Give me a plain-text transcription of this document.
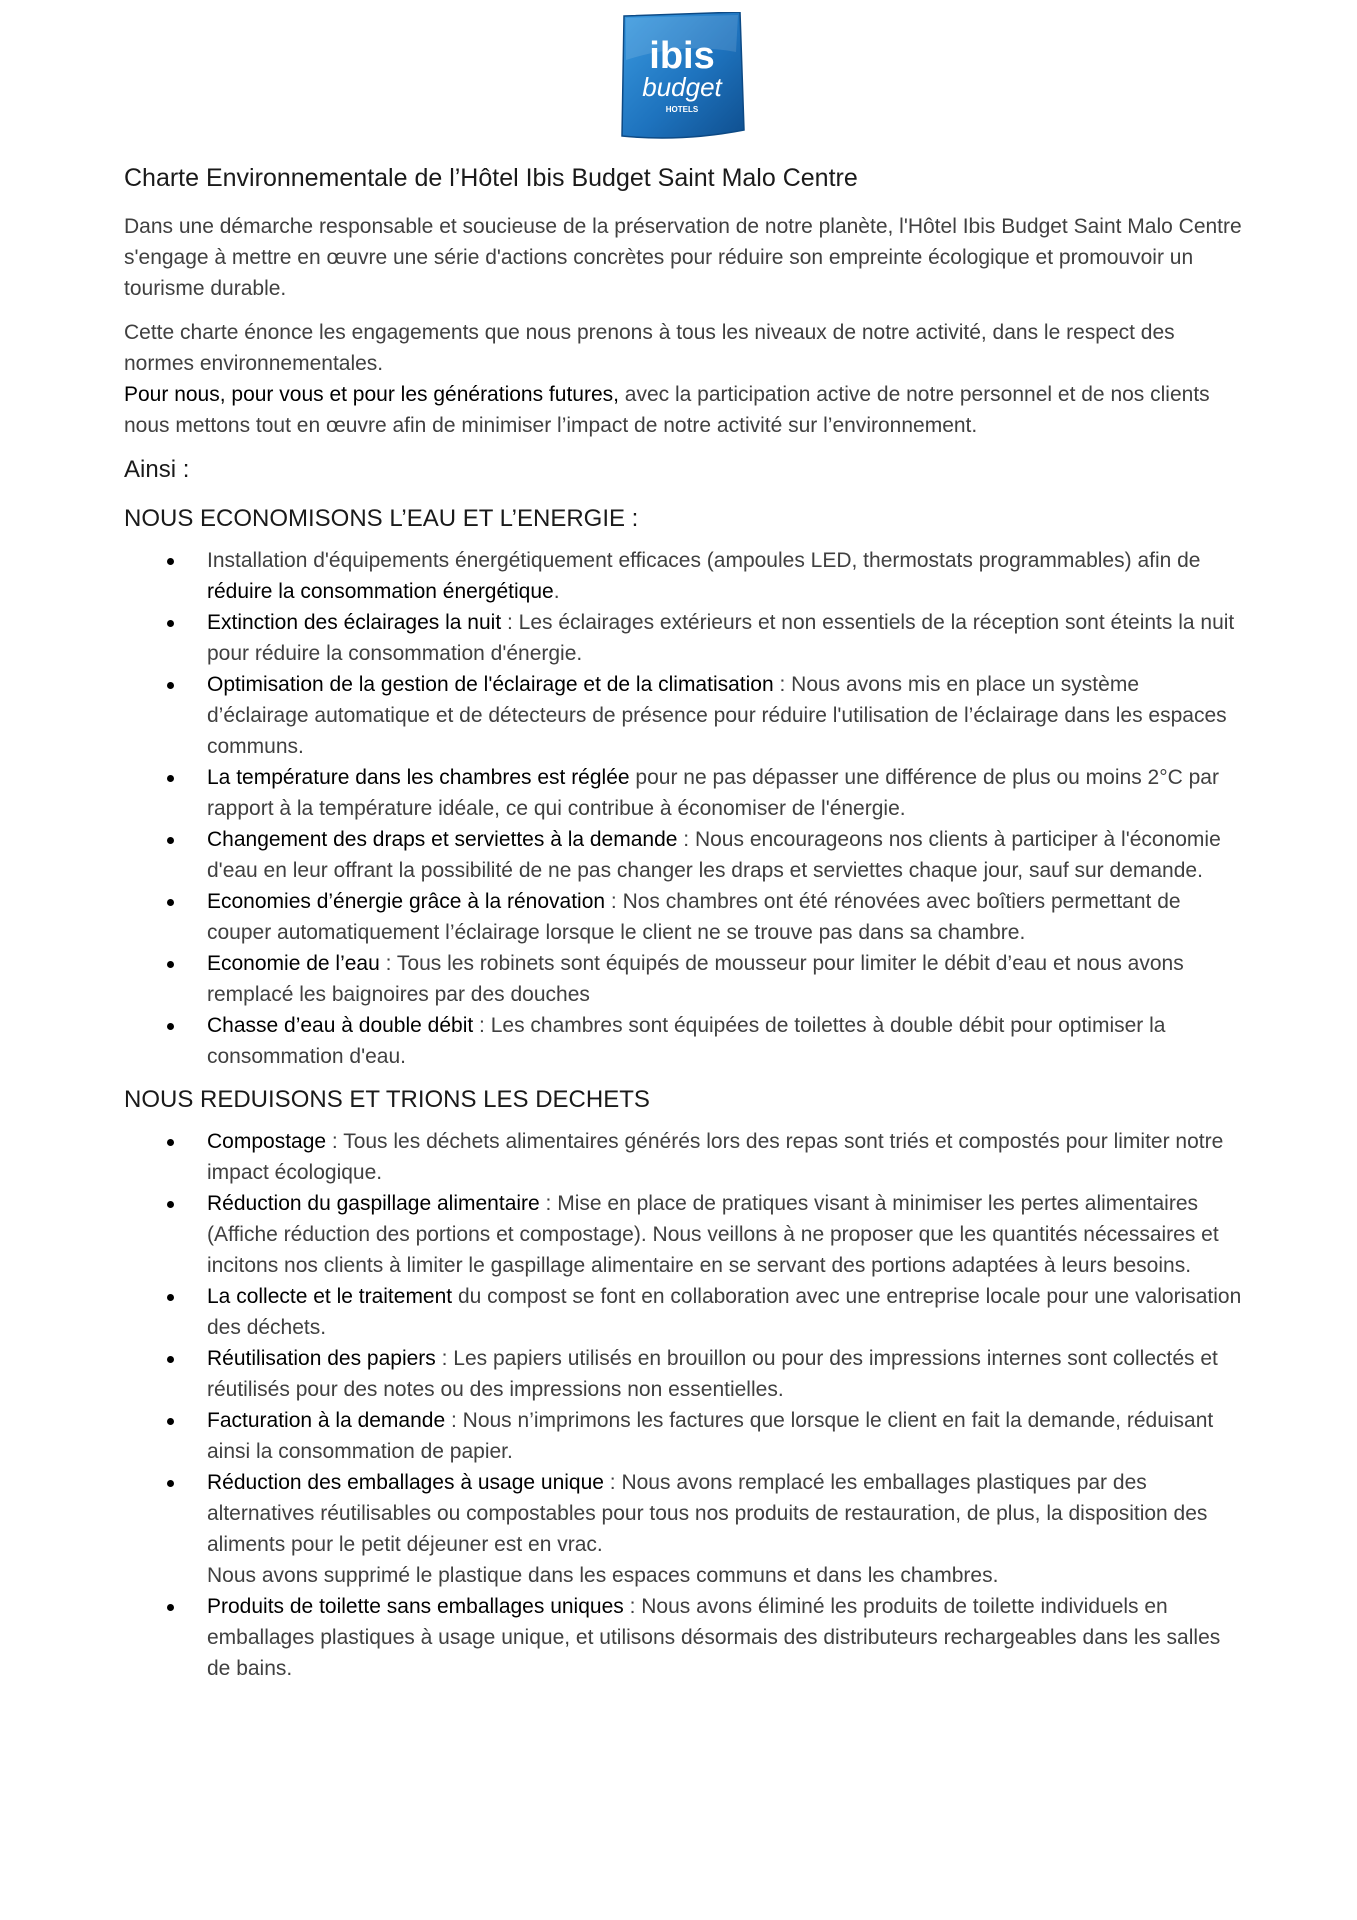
ibis
budget
HOTELS
Charte Environnementale de l’Hôtel Ibis Budget Saint Malo Centre

Dans une démarche responsable et soucieuse de la préservation de notre planète, l'Hôtel Ibis Budget Saint Malo Centre s'engage à mettre en œuvre une série d'actions concrètes pour réduire son empreinte écologique et promouvoir un tourisme durable.

Cette charte énonce les engagements que nous prenons à tous les niveaux de notre activité, dans le respect des normes environnementales.

Pour nous, pour vous et pour les générations futures, avec la participation active de notre personnel et de nos clients nous mettons tout en œuvre afin de minimiser l’impact de notre activité sur l’environnement.

Ainsi :
NOUS ECONOMISONS L’EAU ET L’ENERGIE :
Installation d'équipements énergétiquement efficaces (ampoules LED, thermostats programmables) afin de réduire la consommation énergétique.
Extinction des éclairages la nuit : Les éclairages extérieurs et non essentiels de la réception sont éteints la nuit pour réduire la consommation d'énergie.
Optimisation de la gestion de l'éclairage et de la climatisation : Nous avons mis en place un système d’éclairage automatique et de détecteurs de présence pour réduire l'utilisation de l’éclairage dans les espaces communs.
La température dans les chambres est réglée pour ne pas dépasser une différence de plus ou moins 2°C par rapport à la température idéale, ce qui contribue à économiser de l'énergie.
Changement des draps et serviettes à la demande : Nous encourageons nos clients à participer à l'économie d'eau en leur offrant la possibilité de ne pas changer les draps et serviettes chaque jour, sauf sur demande.
Economies d’énergie grâce à la rénovation : Nos chambres ont été rénovées avec boîtiers permettant de couper automatiquement l’éclairage lorsque le client ne se trouve pas dans sa chambre.
Economie de l’eau : Tous les robinets sont équipés de mousseur pour limiter le débit d’eau et nous avons remplacé les baignoires par des douches
Chasse d’eau à double débit : Les chambres sont équipées de toilettes à double débit pour optimiser la consommation d'eau.
NOUS REDUISONS ET TRIONS LES DECHETS
Compostage : Tous les déchets alimentaires générés lors des repas sont triés et compostés pour limiter notre impact écologique.
Réduction du gaspillage alimentaire : Mise en place de pratiques visant à minimiser les pertes alimentaires (Affiche réduction des portions et compostage). Nous veillons à ne proposer que les quantités nécessaires et incitons nos clients à limiter le gaspillage alimentaire en se servant des portions adaptées à leurs besoins.
La collecte et le traitement du compost se font en collaboration avec une entreprise locale pour une valorisation des déchets.
Réutilisation des papiers : Les papiers utilisés en brouillon ou pour des impressions internes sont collectés et réutilisés pour des notes ou des impressions non essentielles.
Facturation à la demande : Nous n’imprimons les factures que lorsque le client en fait la demande, réduisant ainsi la consommation de papier.
Réduction des emballages à usage unique : Nous avons remplacé les emballages plastiques par des alternatives réutilisables ou compostables pour tous nos produits de restauration, de plus, la disposition des aliments pour le petit déjeuner est en vrac.
Nous avons supprimé le plastique dans les espaces communs et dans les chambres.
Produits de toilette sans emballages uniques : Nous avons éliminé les produits de toilette individuels en emballages plastiques à usage unique, et utilisons désormais des distributeurs rechargeables dans les salles de bains.
